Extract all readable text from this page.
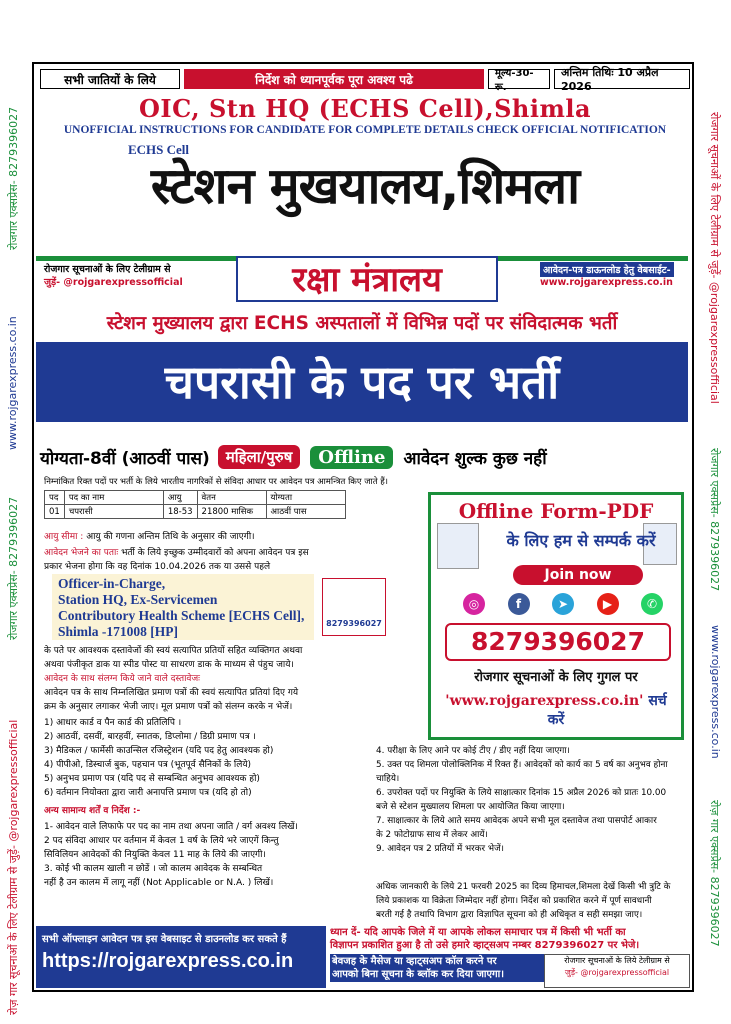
रोजगार एक्सप्रेस- 8279396027
www.rojgarexpress.co.in
रोजगार एक्सप्रेस- 8279396027
रोज़ गार सूचनाओं के लिए टेलीग्राम से जुड़ें- @rojgarexpressofficial
रोजगार सूचनाओं के लिए टेलीग्राम से जुड़ें- @rojgarexpressofficial
रोजगार एक्सप्रेस- 8279396027
www.rojgarexpress.co.in
रोज़ गार एक्सप्रेस- 8279396027
सभी जातियों के लिये	निर्देश को ध्यानपूर्वक पूरा अवश्य पढे	मूल्य-30-रू.
अन्तिम तिथिः 10 अप्रैल 2026
OIC, Stn HQ (ECHS Cell),Shimla
UNOFFICIAL INSTRUCTIONS FOR CANDIDATE FOR COMPLETE DETAILS CHECK OFFICIAL NOTIFICATION
ECHS Cell
स्टेशन मुखयालय,शिमला
रोजगार सूचनाओं के लिए टेलीग्राम से
जुड़ें- @rojgarexpressofficial	रक्षा मंत्रालय	आवेदन-पत्र डाऊनलोड हेतु वेबसाईट-
www.rojgarexpress.co.in
स्टेशन मुख्यालय द्वारा ECHS अस्पतालों में विभिन्न पदों पर संविदात्मक भर्ती
चपरासी के पद पर भर्ती
योग्यता-8वीं (आठवीं पास)	महिला/पुरुष	Offline	आवेदन शुल्क कुछ नहीं
निम्नांकित रिक्त पदों पर भर्ती के लिये भारतीय नागरिकों से संविदा आधार पर आवेदन पत्र आमन्त्रित किए जाते हैं।
पद	पद का नाम	आयु	वेतन	योग्यता
01	चपरासी	18-53	21800 मासिक	आठवीं पास
आयु सीमा : आयु की गणना अन्तिम तिथि के अनुसार की जाएगी।
आवेदन भेजने का पताः भर्ती के लिये इच्छुक उम्मीदवारों को अपना आवेदन पत्र इस
प्रकार भेजना होगा कि वह दिनांक 10.04.2026 तक या उससे पहले
Officer-in-Charge,
Station HQ, Ex-Servicemen
Contributory Health Scheme [ECHS Cell],
Shimla -171008 [HP]
8279396027
के पते पर आवश्यक दस्तावेजों की स्वयं सत्यापित प्रतियों सहित व्यक्तिगत अथवा
अथवा पंजीकृत डाक या स्पीड पोस्ट या साधरण डाक के माध्यम से पंहुच जाये।
आवेदन के साथ संलग्न किये जाने वाले दस्तावेजः
आवेदन पत्र के साथ निम्नलिखित प्रमाण पत्रों की स्वयं सत्यापित प्रतियां दिए गये
क्रम के अनुसार लगाकर भेजी जाए। मूल प्रमाण पत्रों को संलग्न करके न भेजें।
1) आधार कार्ड व पैन कार्ड की प्रतिलिपि ।
2) आठवीं, दसवीं, बारहवीं, स्नातक, डिप्लोमा / डिग्री प्रमाण पत्र ।
3) मैडिकल / फार्मेसी काउन्सिल रजिस्ट्रेशन (यदि पद हेतु आवश्यक हो)
4) पीपीओ, डिस्चार्ज बुक, पहचान पत्र (भूतपूर्व सैनिकों के लिये)
5) अनुभव प्रमाण पत्र (यदि पद से सम्बन्धित अनुभव आवश्यक हो)
6) वर्तमान नियोक्ता द्वारा जारी अनापत्ति प्रमाण पत्र (यदि हो तो)
अन्य सामान्य शर्तें व निर्देश :-
1- आवेदन वाले लिफाफे पर पद का नाम तथा अपना जाति / वर्ग अवश्य लिखें।
2 पद संविदा आधार पर वर्तमान में केवल 1 वर्ष के लिये भरे जाएगें किन्तु
सिविलियन आवेदकों की नियुक्ति केवल 11 माह के लिये की जाएगी।
3. कोई भी कालम खाली न छोडें । जो कालम आवेदक के सम्बन्धित
नहीं है उन कालम में लागू नहीं (Not Applicable or N.A. ) लिखें।
Offline Form-PDF
के लिए हम से सम्पर्क करें
Join now
◎	f	➤	▶	✆
8279396027
रोजगार सूचनाओं के लिए गुगल पर
'www.rojgarexpress.co.in' सर्च करें
4. परीक्षा के लिए आने पर कोई टीए / डीए नहीं दिया जाएगा।
5. उक्त पद शिमला पोलोक्लिनिक में रिक्त हैं। आवेदकों को कार्य का 5 वर्ष का अनुभव होना
चाहिये।
6. उपरोक्त पदों पर नियुक्ति के लिये साक्षात्कार दिनांक 15 अप्रैल 2026 को प्रातः 10.00
बजे से स्टेशन मुख्यालय शिमला पर आयोजित किया जाएगा।
7. साक्षात्कार के लिये आते समय आवेदक अपने सभी मूल दस्तावेज तथा पासपोर्ट आकार
के 2 फोटोग्राफ साथ में लेकर आयें।
9. आवेदन पत्र 2 प्रतियों में भरकर भेजें।
अधिक जानकारी के लिये 21 फरवरी 2025 का दिव्य हिमाचल,शिमला देखें किसी भी त्रुटि के
लिये प्रकाशक या विक्रेता जिम्मेदार नहीं होगा। निर्देश को प्रकाशित करने में पूर्ण सावधानी
बरती गई है तथापि विभाग द्वारा विज्ञापित सूचना को ही अधिकृत व सही समझा जाए।
सभी ऑफ्लाइन आवेदन पत्र इस वेबसाइट से डाउनलोड कर सकते हैं
https://rojgarexpress.co.in
ध्यान दें- यदि आपके जिले में या आपके लोकल समाचार पत्र में किसी भी भर्ती का
विज्ञापन प्रकाशित हुआ है तो उसे हमारे व्हाट्सअप नम्बर 8279396027 पर भेजे।
बेवजह के मैसेज या व्हाट्सअप कॉल करने पर
आपको बिना सूचना के ब्लॉक कर दिया जाएगा।
रोजगार सूचनाओं के लिये टेलीग्राम से
जुड़ें- @rojgarexpressofficial
